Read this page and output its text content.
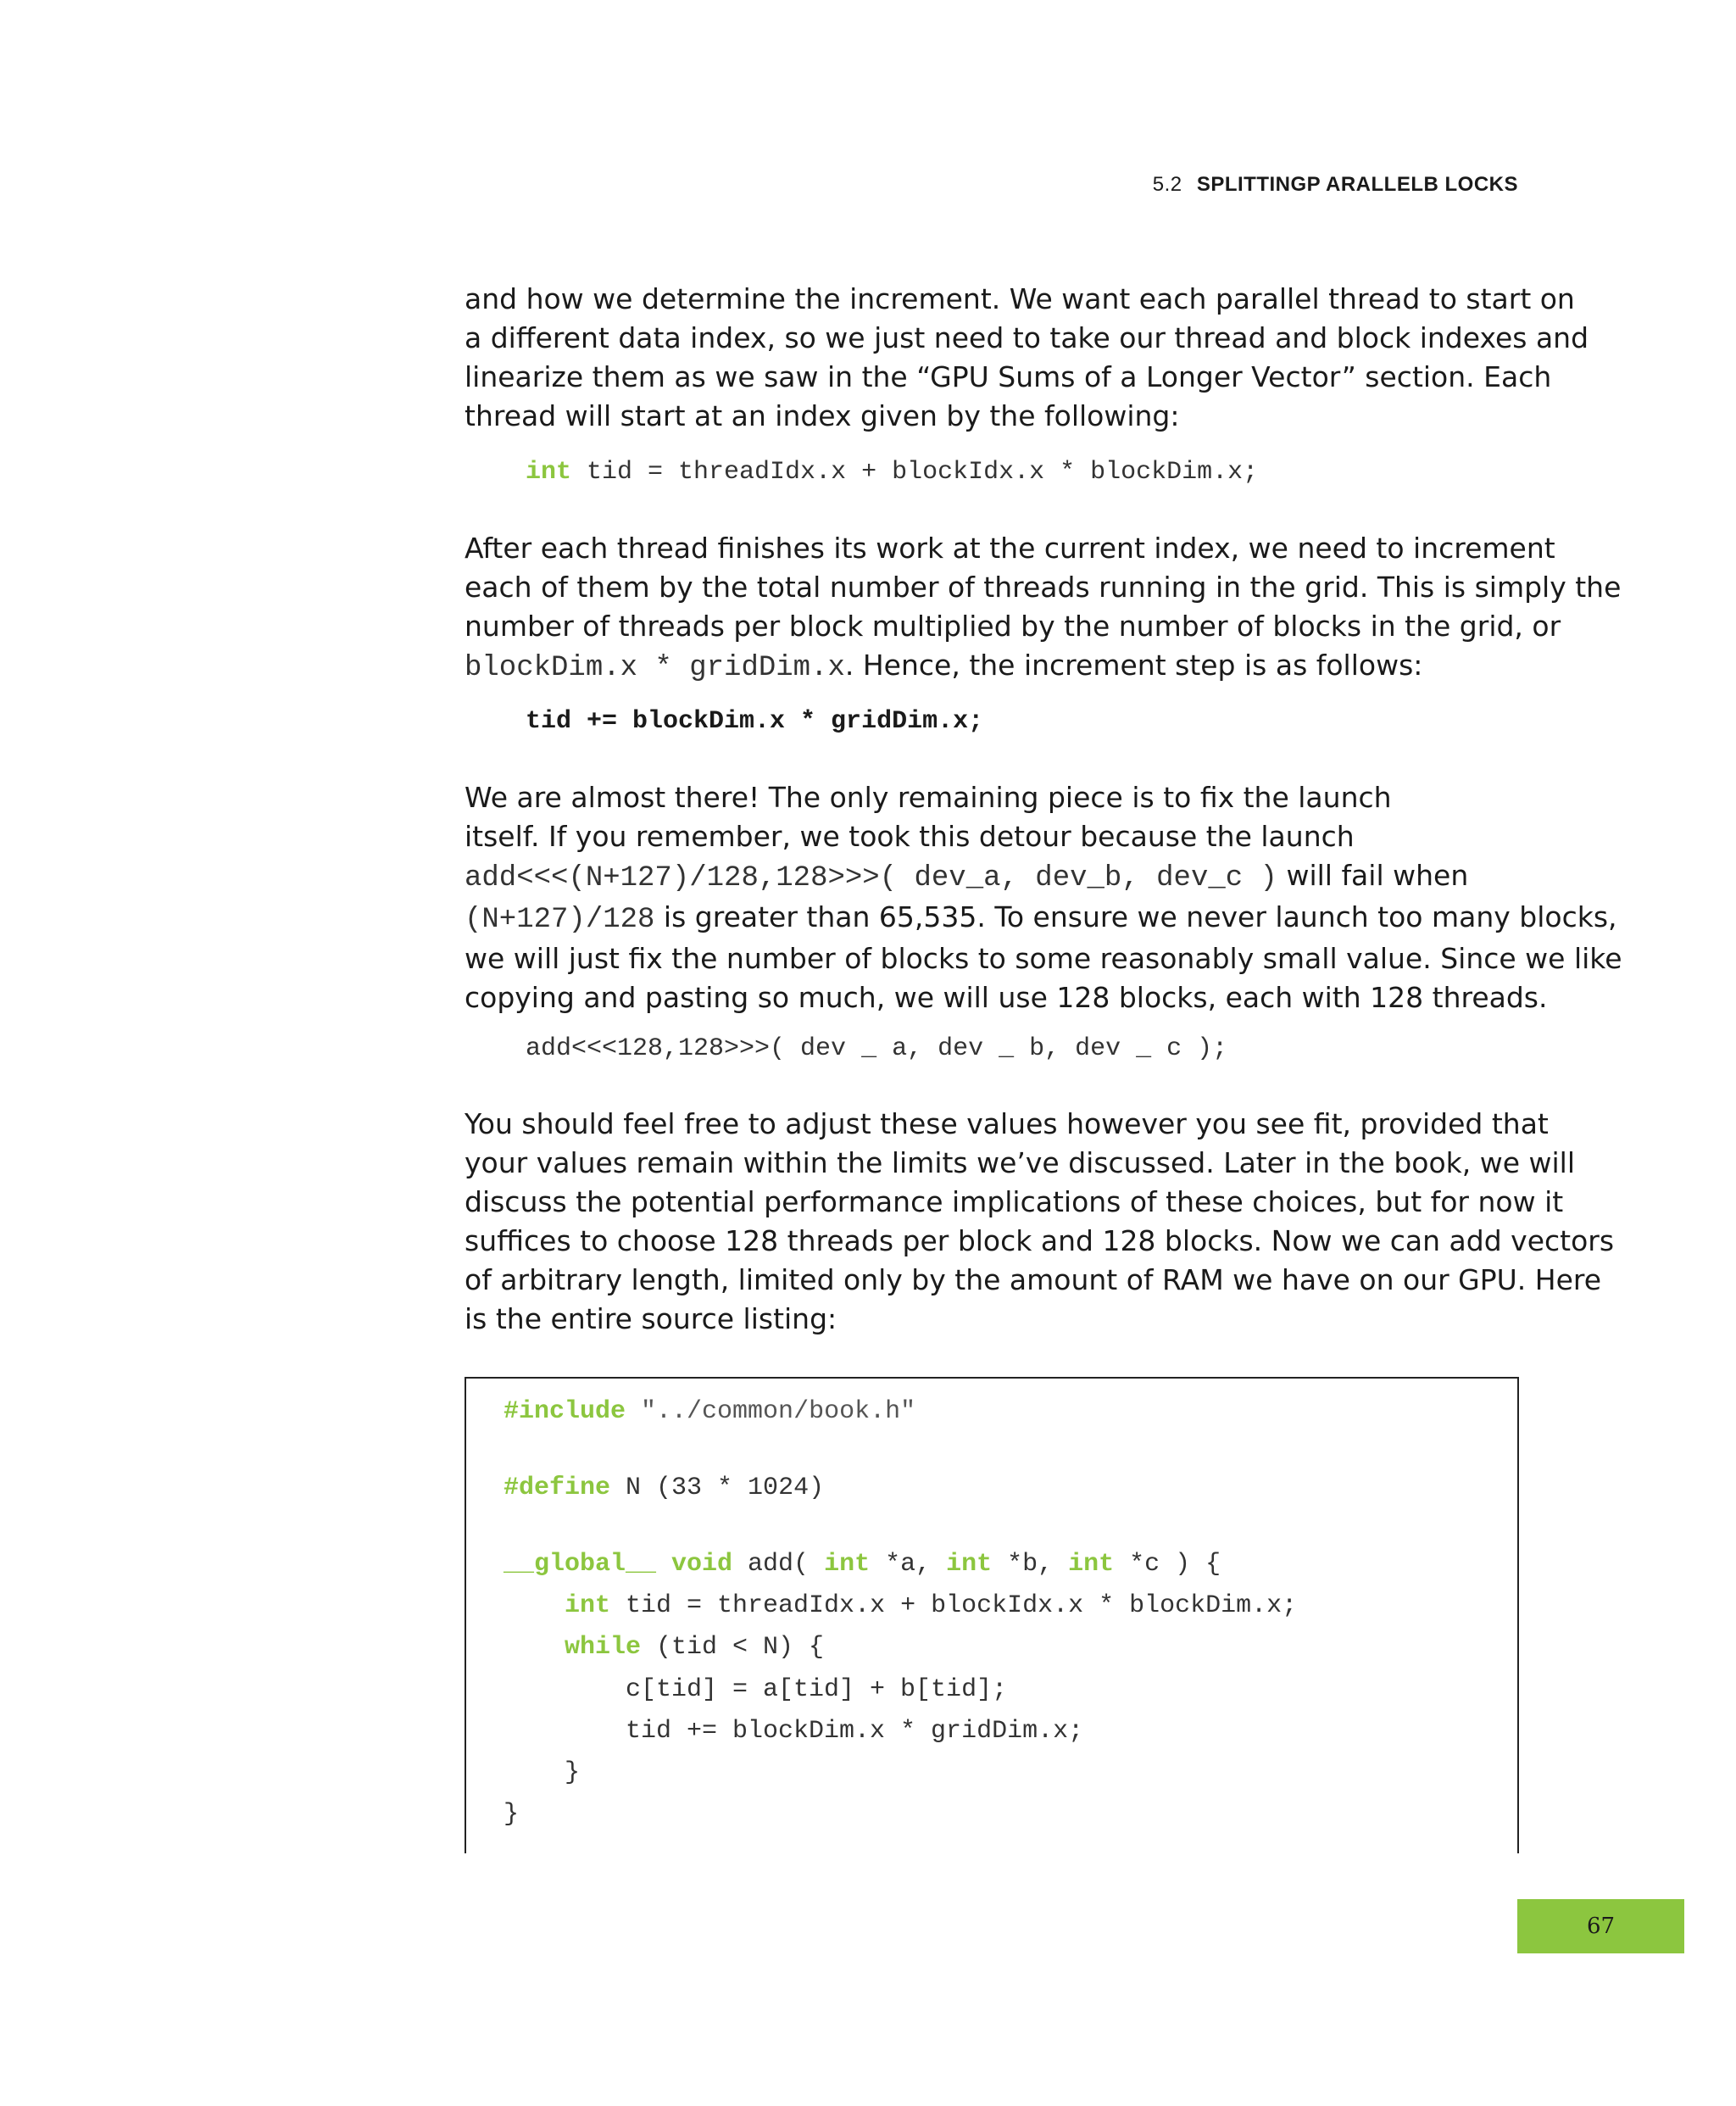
5.2 SPLITTINGP ARALLELB LOCKS
and how we determine the increment. We want each parallel thread to start on
a different data index, so we just need to take our thread and block indexes and
linearize them as we saw in the “GPU Sums of a Longer Vector” section. Each
thread will start at an index given by the following:
int tid = threadIdx.x + blockIdx.x * blockDim.x;
After each thread finishes its work at the current index, we need to increment
each of them by the total number of threads running in the grid. This is simply the
number of threads per block multiplied by the number of blocks in the grid, or
blockDim.x * gridDim.x. Hence, the increment step is as follows:
tid += blockDim.x * gridDim.x;
We are almost there! The only remaining piece is to fix the launch
itself. If you remember, we took this detour because the launch
add<<<(N+127)/128,128>>>( dev_a, dev_b, dev_c ) will fail when
(N+127)/128 is greater than 65,535. To ensure we never launch too many blocks,
we will just fix the number of blocks to some reasonably small value. Since we like
copying and pasting so much, we will use 128 blocks, each with 128 threads.
add<<<128,128>>>( dev _ a, dev _ b, dev _ c );
You should feel free to adjust these values however you see fit, provided that
your values remain within the limits we’ve discussed. Later in the book, we will
discuss the potential performance implications of these choices, but for now it
suffices to choose 128 threads per block and 128 blocks. Now we can add vectors
of arbitrary length, limited only by the amount of RAM we have on our GPU. Here
is the entire source listing:
#include "../common/book.h"
#define N (33 * 1024)
__global__ void add( int *a, int *b, int *c ) {
int tid = threadIdx.x + blockIdx.x * blockDim.x;
while (tid < N) {
c[tid] = a[tid] + b[tid];
tid += blockDim.x * gridDim.x;
}
}
67
